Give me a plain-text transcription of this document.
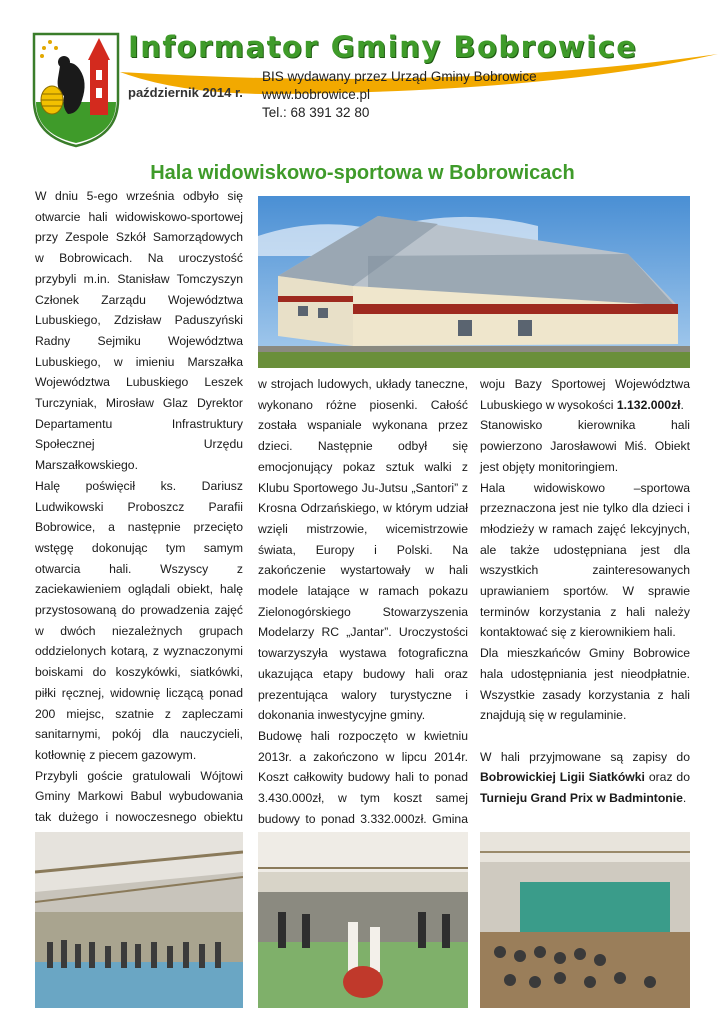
Informator Gminy Bobrowice
październik 2014 r.
BIS wydawany przez Urząd Gminy Bobrowice
www.bobrowice.pl
Tel.: 68 391 32 80
Hala widowiskowo-sportowa w Bobrowicach

W dniu 5-ego września odbyło się otwarcie hali widowiskowo-sportowej przy Zespole Szkół Samorządowych w Bobrowicach. Na uroczystość przybyli m.in. Stanisław Tomczyszyn Członek Zarządu Województwa Lubuskiego, Zdzisław Paduszyński Radny Sejmiku Województwa Lubuskiego, w imieniu Marszałka Województwa Lubuskiego Leszek Turczyniak, Mirosław Glaz Dyrektor Departamentu Infrastruktury Społecznej Urzędu Marszałkowskiego.

Halę poświęcił ks. Dariusz Ludwikowski Proboszcz Parafii Bobrowice, a następnie przecięto wstęgę dokonując tym samym otwarcia hali. Wszyscy z zaciekawieniem oglądali obiekt, halę przystosowaną do prowadzenia zajęć w dwóch niezależnych grupach oddzielonych kotarą, z wyznaczonymi boiskami do koszykówki, siatkówki, piłki ręcznej, widownię liczącą ponad 200 miejsc, szatnie z zapleczami sanitarnymi, pokój dla nauczycieli, kotłownię z piecem gazowym.

Przybyli goście gratulowali Wójtowi Gminy Markowi Babul wybudowania tak dużego i nowoczesnego obiektu

w strojach ludowych, układy taneczne, wykonano różne piosenki. Całość została wspaniale wykonana przez dzieci. Następnie odbył się emocjonujący pokaz sztuk walki z Klubu Sportowego Ju-Jutsu „Santori” z Krosna Odrzańskiego, w którym udział wzięli mistrzowie, wicemistrzowie świata, Europy i Polski. Na zakończenie wystartowały w hali modele latające w ramach pokazu Zielonogórskiego Stowarzyszenia Modelarzy RC „Jantar”. Uroczystości towarzyszyła wystawa fotograficzna ukazująca etapy budowy hali oraz prezentująca walory turystyczne i dokonania inwestycyjne gminy.

Budowę hali rozpoczęto w kwietniu 2013r. a zakończono w lipcu 2014r. Koszt całkowity budowy hali to ponad 3.430.000zł, w tym koszt samej budowy to ponad 3.332.000zł. Gmina

woju Bazy Sportowej Województwa Lubuskiego w wysokości 1.132.000zł.

Stanowisko kierownika hali powierzono Jarosławowi Miś. Obiekt jest objęty monitoringiem.

Hala widowiskowo –sportowa przeznaczona jest nie tylko dla dzieci i młodzieży w ramach zajęć lekcyjnych, ale także udostępniana jest dla wszystkich zainteresowanych uprawianiem sportów. W sprawie terminów korzystania z hali należy kontaktować się z kierownikiem hali.

Dla mieszkańców Gminy Bobrowice hala udostępniania jest nieodpłatnie. Wszystkie zasady korzystania z hali znajdują się w regulaminie.

W hali przyjmowane są zapisy do Bobrowickiej Ligii Siatkówki oraz do Turnieju Grand Prix w Badmintonie.
